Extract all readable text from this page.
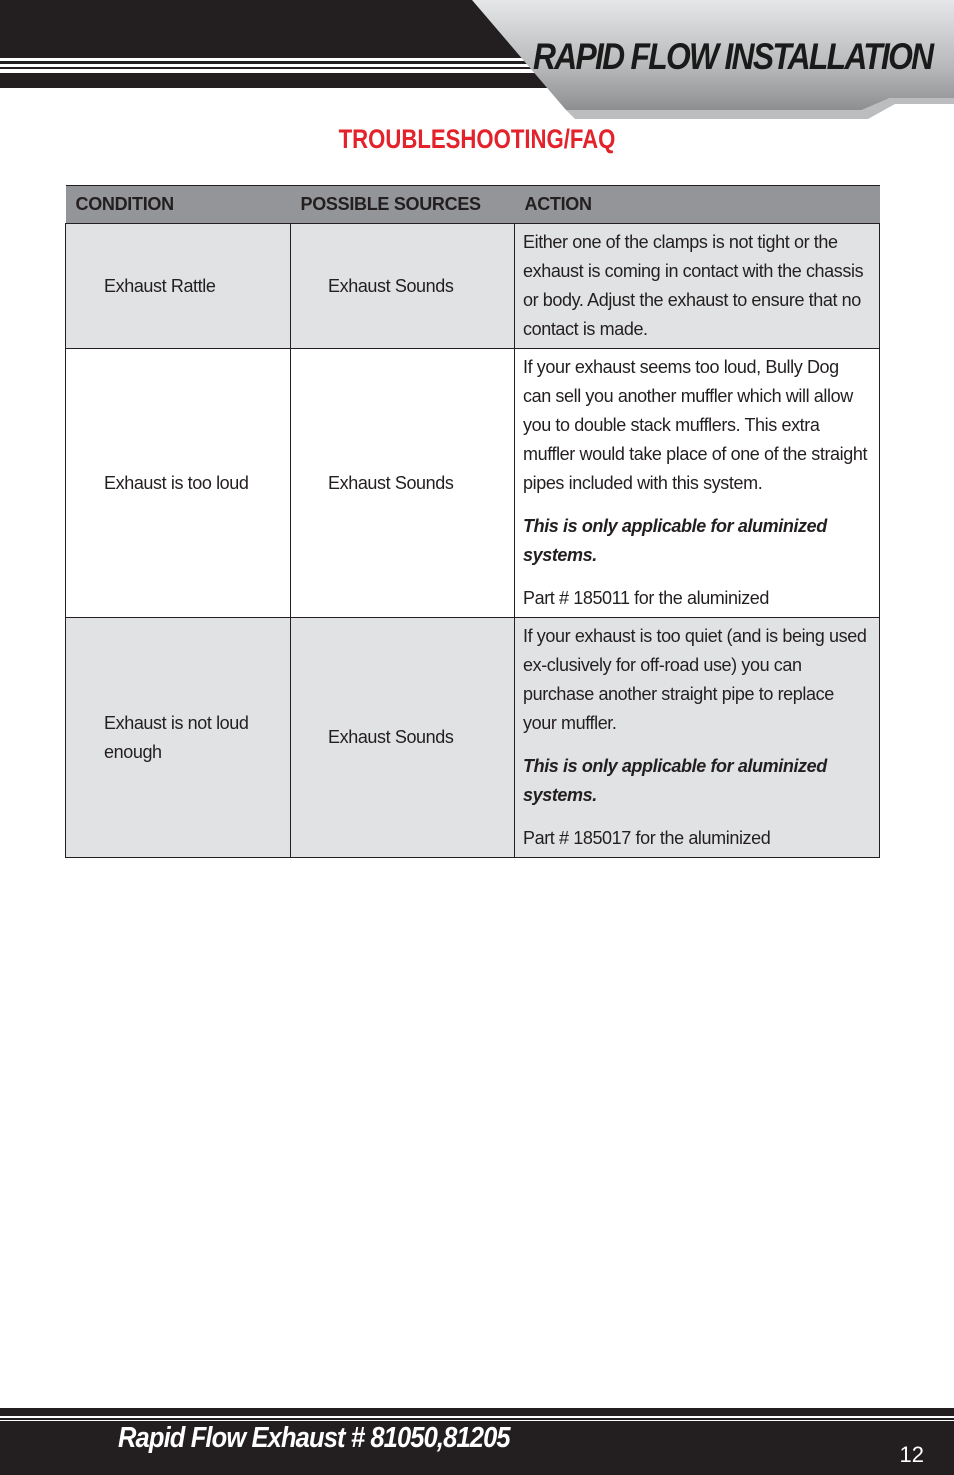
RAPID FLOW INSTALLATION
TROUBLESHOOTING/FAQ
CONDITION	POSSIBLE SOURCES	ACTION
Exhaust Rattle	Exhaust Sounds	Either one of the clamps is not tight or the exhaust is coming in contact with the chassis or body. Adjust the exhaust to ensure that no contact is made.

Exhaust is too loud	Exhaust Sounds	If your exhaust seems too loud, Bully Dog can sell you another muffler which will allow you to double stack mufflers. This extra muffler would take place of one of the straight pipes included with this system.

This is only applicable for aluminized systems.

Part # 185011 for the aluminized

Exhaust is not loud enough	Exhaust Sounds	If your exhaust is too quiet (and is being used ex-clusively for off-road use) you can purchase another straight pipe to replace your muffler.

This is only applicable for aluminized systems.

Part # 185017 for the aluminized

Rapid Flow Exhaust # 81050,81205
12
